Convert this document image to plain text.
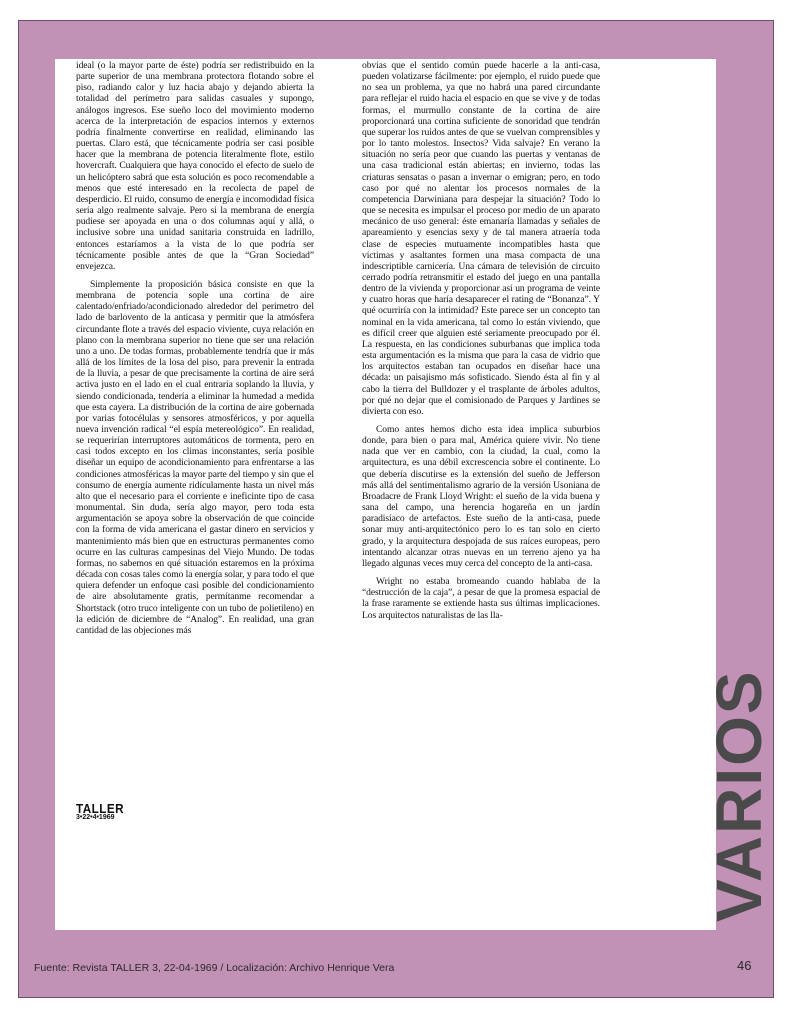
ideal (o la mayor parte de éste) podría ser redistribuido en la parte superior de una membrana protectora flotando sobre el piso, radiando calor y luz hacia abajo y dejando abierta la totalidad del perímetro para salidas casuales y supongo, análogos ingresos. Ese sueño loco del movimiento moderno acerca de la interpretación de espacios internos y externos podría finalmente convertirse en realidad, eliminando las puertas. Claro está, que técnicamente podría ser casi posible hacer que la membrana de potencia literalmente flote, estilo hovercraft. Cualquiera que haya conocido el efecto de suelo de un helicóptero sabrá que esta solución es poco recomendable a menos que esté interesado en la recolecta de papel de desperdicio. El ruido, consumo de energía e incomodidad física sería algo realmente salvaje. Pero si la membrana de energía pudiese ser apoyada en una o dos columnas aquí y allá, o inclusive sobre una unidad sanitaria construida en ladrillo, entonces estaríamos a la vista de lo que podría ser técnicamente posible antes de que la “Gran Sociedad” envejezca.

Simplemente la proposición básica consiste en que la membrana de potencia sople una cortina de aire calentado/enfriado/acondicionado alrededor del perímetro del lado de barlovento de la anticasa y permitir que la atmósfera circundante flote a través del espacio viviente, cuya relación en plano con la membrana superior no tiene que ser una relación uno a uno. De todas formas, probablemente tendría que ir más allá de los límites de la losa del piso, para prevenir la entrada de la lluvia, a pesar de que precisamente la cortina de aire será activa justo en el lado en el cual entraría soplando la lluvia, y siendo condicionada, tendería a eliminar la humedad a medida que esta cayera. La distribución de la cortina de aire gobernada por varias fotocélulas y sensores atmosféricos, y por aquella nueva invención radical “el espía metereológico”. En realidad, se requerirían interruptores automáticos de tormenta, pero en casi todos excepto en los climas inconstantes, sería posible diseñar un equipo de acondicionamiento para enfrentarse a las condiciones atmosféricas la mayor parte del tiempo y sin que el consumo de energía aumente ridículamente hasta un nivel más alto que el necesario para el corriente e ineficinte tipo de casa monumental. Sin duda, sería algo mayor, pero toda esta argumentación se apoya sobre la observación de que coincide con la forma de vida americana el gastar dinero en servicios y mantenimiento más bien que en estructuras permanentes como ocurre en las culturas campesinas del Viejo Mundo. De todas formas, no sabemos en qué situación estaremos en la próxima década con cosas tales como la energía solar, y para todo el que quiera defender un enfoque casi posible del condicionamiento de aire absolutamente gratis, permítanme recomendar a Shortstack (otro truco inteligente con un tubo de polietileno) en la edición de diciembre de “Analog”. En realidad, una gran cantidad de las objeciones más

obvias que el sentido común puede hacerle a la anti-casa, pueden volatizarse fácilmente: por ejemplo, el ruido puede que no sea un problema, ya que no habrá una pared circundante para reflejar el ruido hacia el espacio en que se vive y de todas formas, el murmullo constante de la cortina de aire proporcionará una cortina suficiente de sonoridad que tendrán que superar los ruidos antes de que se vuelvan comprensibles y por lo tanto molestos. Insectos? Vida salvaje? En verano la situación no sería peor que cuando las puertas y ventanas de una casa tradicional están abiertas; en invierno, todas las criaturas sensatas o pasan a invernar o emigran; pero, en todo caso por qué no alentar los procesos normales de la competencia Darwiniana para despejar la situación? Todo lo que se necesita es impulsar el proceso por medio de un aparato mecánico de uso general: éste emanaría llamadas y señales de apareamiento y esencias sexy y de tal manera atraería toda clase de especies mutuamente incompatibles hasta que víctimas y asaltantes formen una masa compacta de una indescriptible carnicería. Una cámara de televisión de circuito cerrado podría retransmitir el estado del juego en una pantalla dentro de la vivienda y proporcionar así un programa de veinte y cuatro horas que haría desaparecer el rating de “Bonanza”. Y qué ocurriría con la intimidad? Este parece ser un concepto tan nominal en la vida americana, tal como lo están viviendo, que es difícil creer que alguien esté seriamente preocupado por él. La respuesta, en las condiciones suburbanas que implica toda esta argumentación es la misma que para la casa de vidrio que los arquitectos estaban tan ocupados en diseñar hace una década: un paisajismo más sofisticado. Siendo ésta al fin y al cabo la tierra del Bulldozer y el trasplante de árboles adultos, por qué no dejar que el comisionado de Parques y Jardines se divierta con eso.

Como antes hemos dicho esta idea implica suburbios donde, para bien o para mal, América quiere vivir. No tiene nada que ver en cambio, con la ciudad, la cual, como la arquitectura, es una débil excrescencia sobre el continente. Lo que debería discutirse es la extensión del sueño de Jefferson más allá del sentimentalismo agrario de la versión Usoniana de Broadacre de Frank Lloyd Wright: el sueño de la vida buena y sana del campo, una herencia hogareña en un jardín paradisíaco de artefactos. Este sueño de la anti-casa, puede sonar muy anti-arquitectónico pero lo es tan solo en cierto grado, y la arquitectura despojada de sus raíces europeas, pero intentando alcanzar otras nuevas en un terreno ajeno ya ha llegado algunas veces muy cerca del concepto de la anti-casa.

Wright no estaba bromeando cuando hablaba de la “destrucción de la caja”, a pesar de que la promesa espacial de la frase raramente se extiende hasta sus últimas implicaciones. Los arquitectos naturalistas de las lla-

TALLER
3•22•4•1969	VARIOS
Fuente: Revista TALLER 3, 22-04-1969 / Localización: Archivo Henrique Vera	46
